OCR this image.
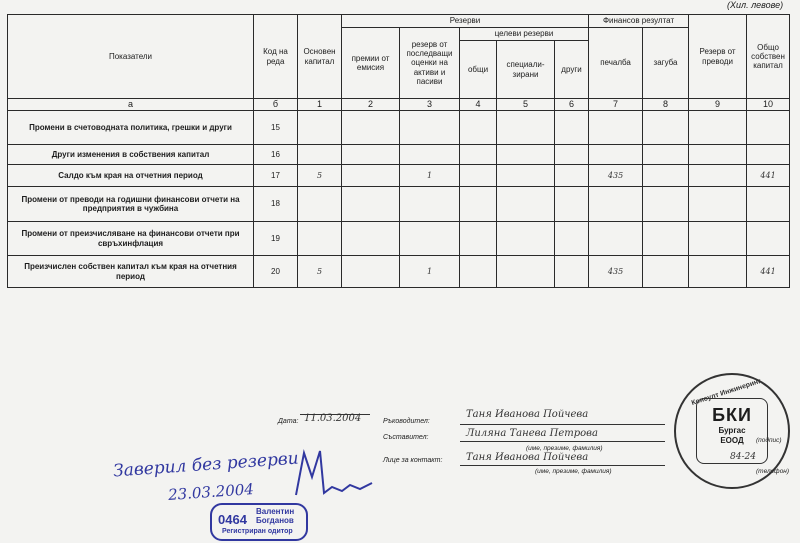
(Хил. левове)
Показатели	Код на реда	Основен капитал	Резерви					Финансов резултат		Резерв от преводи	Общо собствен капитал
			премии от емисия	резерв от последващи оценки на активи и пасиви	целеви резерви			печалба	загуба		
					общи	специали-зирани	други				
а	б	1	2	3	4	5	6	7	8	9	10
Промени в счетоводната политика, грешки и други	15										
Други изменения в собствения капитал	16										
Салдо към края на отчетния период	17	5		1				435			441
Промени от преводи на годишни финансови отчети на предприятия в чужбина	18										
Промени от преизчисляване на финансови отчети при свръхинфлация	19										
Преизчислен собствен капитал към края на отчетния период	20	5		1				435			441
Дата: 11.03.2004	Ръководител:
Таня Иванова Пойчева
Съставител:	Лиляна Танева Петрова
(име, презиме, фамилия)
(подпис)
Лице за контакт: Таня Иванова Пойчева
(име, презиме, фамилия)
84-24
(телефон)
Консулт Инжинеринг
БКИ
Бургас
ЕООД
Заверил без резерви
23.03.2004
0464
Валентин Богданов
Регистриран одитор
